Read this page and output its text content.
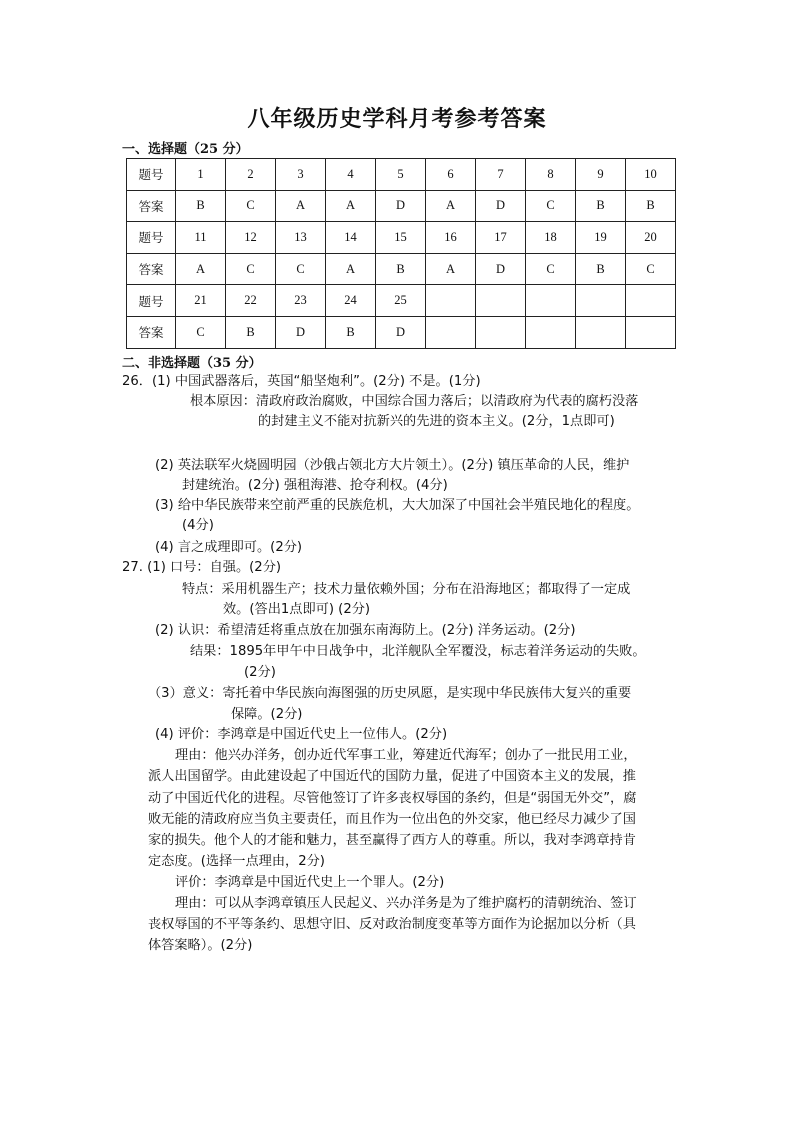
八年级历史学科月考参考答案
一、选择题（25 分）
题号	1	2	3	4	5	6	7	8	9	10
答案	B	C	A	A	D	A	D	C	B	B
题号	11	12	13	14	15	16	17	18	19	20
答案	A	C	C	A	B	A	D	C	B	C
题号	21	22	23	24	25					
答案	C	B	D	B	D					
二、非选择题（35 分）
26．(1) 中国武器落后，英国“船坚炮利”。(2分) 不是。(1分)
根本原因：清政府政治腐败，中国综合国力落后；以清政府为代表的腐朽没落
的封建主义不能对抗新兴的先进的资本主义。(2分，1点即可)
(2) 英法联军火烧圆明园（沙俄占领北方大片领土）。(2分) 镇压革命的人民，维护
封建统治。(2分) 强租海港、抢夺利权。(4分)
(3) 给中华民族带来空前严重的民族危机，大大加深了中国社会半殖民地化的程度。
(4分)
(4) 言之成理即可。(2分)
27. (1) 口号：自强。(2分)
特点：采用机器生产；技术力量依赖外国；分布在沿海地区；都取得了一定成
效。(答出1点即可) (2分)
(2) 认识：希望清廷将重点放在加强东南海防上。(2分) 洋务运动。(2分)
结果：1895年甲午中日战争中，北洋舰队全军覆没，标志着洋务运动的失败。
(2分)
（3）意义：寄托着中华民族向海图强的历史夙愿，是实现中华民族伟大复兴的重要
保障。(2分)
(4) 评价：李鸿章是中国近代史上一位伟人。(2分)
理由：他兴办洋务，创办近代军事工业，筹建近代海军；创办了一批民用工业，
派人出国留学。由此建设起了中国近代的国防力量，促进了中国资本主义的发展，推
动了中国近代化的进程。尽管他签订了许多丧权辱国的条约，但是“弱国无外交”，腐
败无能的清政府应当负主要责任，而且作为一位出色的外交家，他已经尽力减少了国
家的损失。他个人的才能和魅力，甚至赢得了西方人的尊重。所以，我对李鸿章持肯
定态度。(选择一点理由，2分)
评价：李鸿章是中国近代史上一个罪人。(2分)
理由：可以从李鸿章镇压人民起义、兴办洋务是为了维护腐朽的清朝统治、签订
丧权辱国的不平等条约、思想守旧、反对政治制度变革等方面作为论据加以分析（具
体答案略）。(2分)
